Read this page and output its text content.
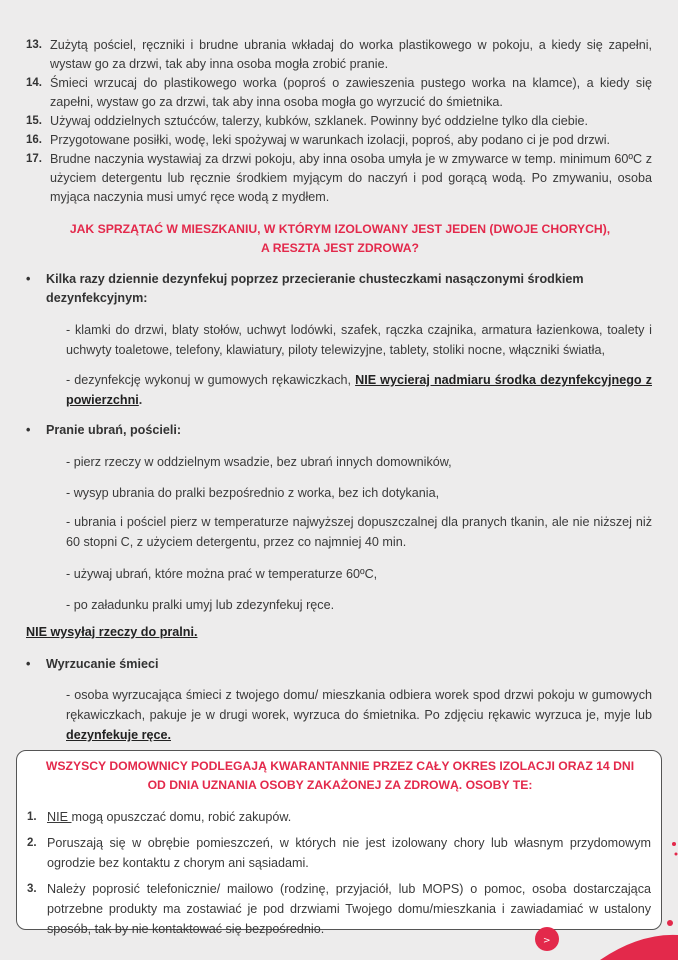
13. Zużytą pościel, ręczniki i brudne ubrania wkładaj do worka plastikowego w pokoju, a kiedy się zapełni, wystaw go za drzwi, tak aby inna osoba mogła zrobić pranie.
14. Śmieci wrzucaj do plastikowego worka (poproś o zawieszenia pustego worka na klamce), a kiedy się zapełni, wystaw go za drzwi, tak aby inna osoba mogła go wyrzucić do śmietnika.
15. Używaj oddzielnych sztućców, talerzy, kubków, szklanek. Powinny być oddzielne tylko dla ciebie.
16. Przygotowane posiłki, wodę, leki spożywaj w warunkach izolacji, poproś, aby podano ci je pod drzwi.
17. Brudne naczynia wystawiaj za drzwi pokoju, aby inna osoba umyła je w zmywarce w temp. minimum 60ºC z użyciem detergentu lub ręcznie środkiem myjącym do naczyń i pod gorącą wodą. Po zmywaniu, osoba myjąca naczynia musi umyć ręce wodą z mydłem.
JAK SPRZĄTAĆ W MIESZKANIU, W KTÓRYM IZOLOWANY JEST JEDEN (DWOJE CHORYCH),
A RESZTA JEST ZDROWA?
•	Kilka razy dziennie dezynfekuj poprzez przecieranie chusteczkami nasączonymi środkiem dezynfekcyjnym:
- klamki do drzwi, blaty stołów, uchwyt lodówki, szafek, rączka czajnika, armatura łazienkowa, toalety i uchwyty toaletowe, telefony, klawiatury, piloty telewizyjne, tablety, stoliki nocne, włączniki światła,
- dezynfekcję wykonuj w gumowych rękawiczkach, NIE wycieraj nadmiaru środka dezynfekcyjnego z powierzchni.
• Pranie ubrań, pościeli:
- pierz rzeczy w oddzielnym wsadzie, bez ubrań innych domowników,
- wysyp ubrania do pralki bezpośrednio z worka, bez ich dotykania,
- ubrania i pościel pierz w temperaturze najwyższej dopuszczalnej dla pranych tkanin, ale nie niższej niż 60 stopni C, z użyciem detergentu, przez co najmniej 40 min.
- używaj ubrań, które można prać w temperaturze 60ºC,
- po załadunku pralki umyj lub zdezynfekuj ręce.
NIE wysyłaj rzeczy do pralni.
• Wyrzucanie śmieci
- osoba wyrzucająca śmieci z twojego domu/ mieszkania odbiera worek spod drzwi pokoju w gumowych rękawiczkach, pakuje je w drugi worek, wyrzuca do śmietnika. Po zdjęciu rękawic wyrzuca je, myje lub dezynfekuje ręce.
WSZYSCY DOMOWNICY PODLEGAJĄ KWARANTANNIE PRZEZ CAŁY OKRES IZOLACJI ORAZ 14 DNI
OD DNIA UZNANIA OSOBY ZAKAŻONEJ ZA ZDROWĄ. OSOBY TE:
1. NIE mogą opuszczać domu, robić zakupów.
2. Poruszają się w obrębie pomieszczeń, w których nie jest izolowany chory lub własnym przydomowym ogrodzie bez kontaktu z chorym ani sąsiadami.
3. Należy poprosić telefonicznie/ mailowo (rodzinę, przyjaciół, lub MOPS) o pomoc, osoba dostarczająca potrzebne produkty ma zostawiać je pod drzwiami Twojego domu/mieszkania i zawiadamiać w ustalony sposób, tak by nie kontaktować się bezpośrednio.
>
